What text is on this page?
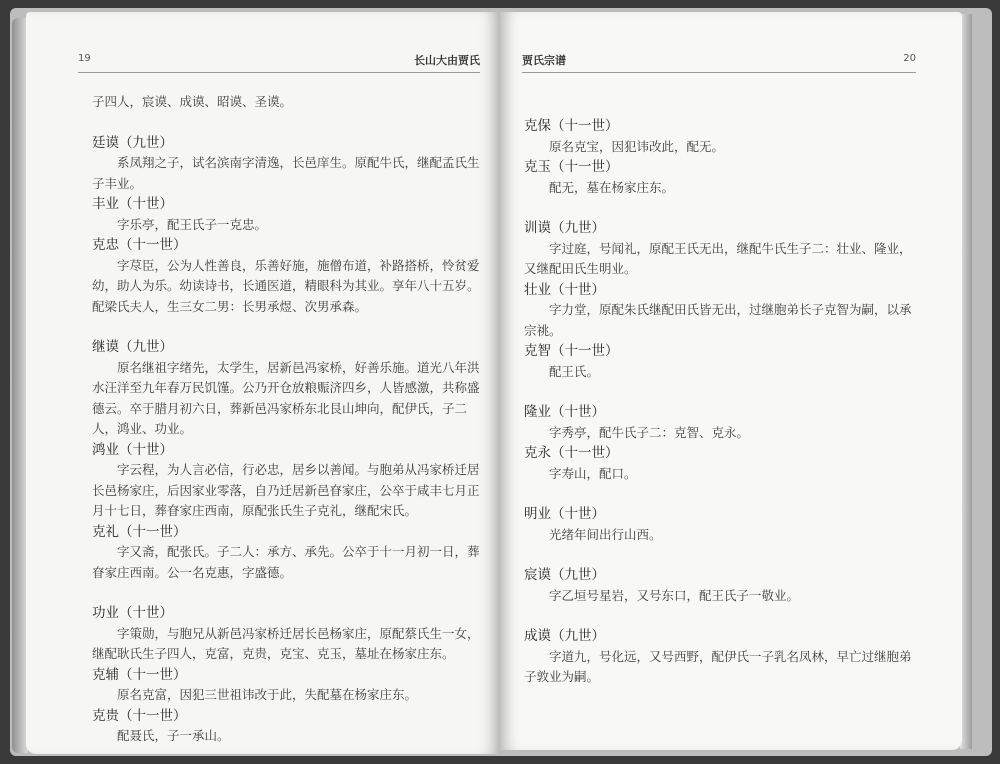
19	长山大由贾氏

子四人，宸谟、成谟、昭谟、圣谟。

廷谟（九世）

系凤翔之子，试名滨南字清逸，长邑庠生。原配牛氏，继配孟氏生子丰业。

丰业（十世）

字乐亭，配王氏子一克忠。

克忠（十一世）

字荩臣，公为人性善良，乐善好施，施僧布道，补路搭桥，怜贫爱幼，助人为乐。幼读诗书，长通医道，精眼科为其业。享年八十五岁。配梁氏夫人，生三女二男：长男承煜、次男承森。

继谟（九世）

原名继祖字绪先，太学生，居新邑冯家桥，好善乐施。道光八年洪水汪洋至九年春万民饥馑。公乃开仓放粮赈济四乡，人皆感激，共称盛德云。卒于腊月初六日，葬新邑冯家桥东北艮山坤向，配伊氏，子二人，鸿业、功业。

鸿业（十世）

字云程，为人言必信，行必忠，居乡以善闻。与胞弟从冯家桥迁居长邑杨家庄，后因家业零落，自乃迁居新邑眘家庄，公卒于咸丰七月正月十七日，葬眘家庄西南，原配张氏生子克礼，继配宋氏。

克礼（十一世）

字又斋，配张氏。子二人：承方、承先。公卒于十一月初一日，葬眘家庄西南。公一名克惠，字盛德。

功业（十世）

字策勋，与胞兄从新邑冯家桥迁居长邑杨家庄，原配蔡氏生一女，继配耿氏生子四人，克富，克贵，克宝、克玉，墓址在杨家庄东。

克辅（十一世）

原名克富，因犯三世祖讳改于此，失配墓在杨家庄东。

克贵（十一世）

配聂氏，子一承山。

贾氏宗谱	20

克保（十一世）

原名克宝，因犯讳改此，配无。

克玉（十一世）

配无，墓在杨家庄东。

训谟（九世）

字过庭，号闻礼，原配王氏无出，继配牛氏生子二：壮业、隆业，又继配田氏生明业。

壮业（十世）

字力堂，原配朱氏继配田氏皆无出，过继胞弟长子克智为嗣，以承宗祧。

克智（十一世）

配王氏。

隆业（十世）

字秀亭，配牛氏子二：克智、克永。

克永（十一世）

字寿山，配口。

明业（十世）

光绪年间出行山西。

宸谟（九世）

字乙垣号星岩，又号东口，配王氏子一敬业。

成谟（九世）

字道九，号化远，又号西野，配伊氏一子乳名凤林，早亡过继胞弟子敦业为嗣。
